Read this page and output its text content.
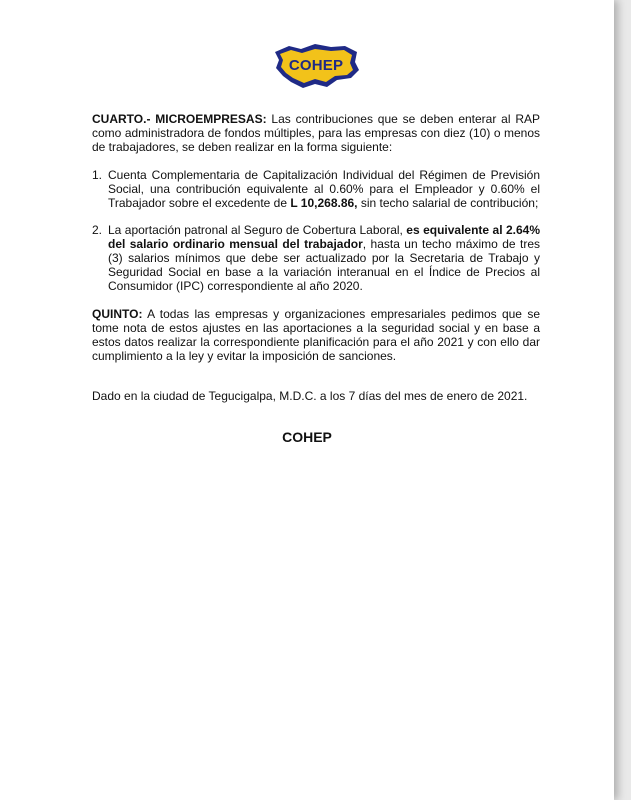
COHEP

CUARTO.- MICROEMPRESAS: Las contribuciones que se deben enterar al RAP como administradora de fondos múltiples, para las empresas con diez (10) o menos de trabajadores, se deben realizar en la forma siguiente:

1. Cuenta Complementaria de Capitalización Individual del Régimen de Previsión Social, una contribución equivalente al 0.60% para el Empleador y 0.60% el Trabajador sobre el excedente de L 10,268.86, sin techo salarial de contribución;
2. La aportación patronal al Seguro de Cobertura Laboral, es equivalente al 2.64% del salario ordinario mensual del trabajador, hasta un techo máximo de tres (3) salarios mínimos que debe ser actualizado por la Secretaria de Trabajo y Seguridad Social en base a la variación interanual en el Índice de Precios al Consumidor (IPC) correspondiente al año 2020.

QUINTO: A todas las empresas y organizaciones empresariales pedimos que se tome nota de estos ajustes en las aportaciones a la seguridad social y en base a estos datos realizar la correspondiente planificación para el año 2021 y con ello dar cumplimiento a la ley y evitar la imposición de sanciones.

Dado en la ciudad de Tegucigalpa, M.D.C. a los 7 días del mes de enero de 2021.

COHEP
